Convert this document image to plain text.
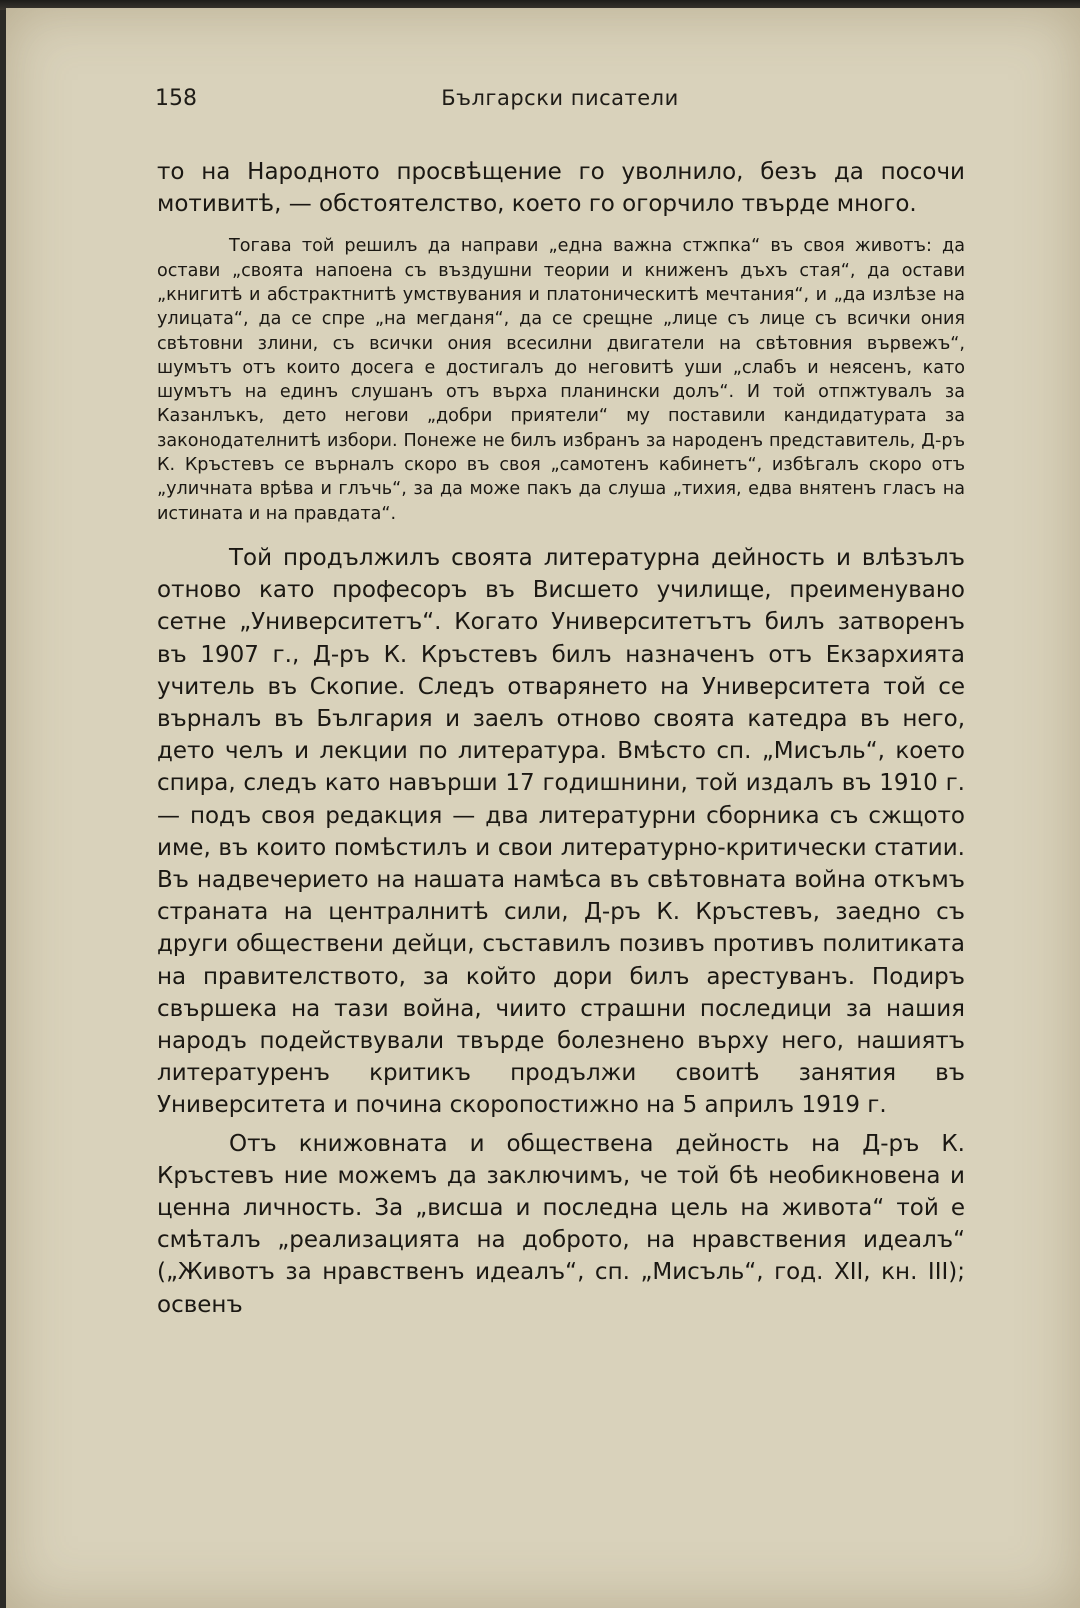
158	Български писатели

то на Народното просвѣщение го уволнило, безъ да посочи мотивитѣ, — обстоятелство, което го огорчило твърде много.

Тогава той решилъ да направи „една важна стжпка“ въ своя животъ: да остави „своята напоена съ въздушни теории и книженъ дъхъ стая“, да остави „книгитѣ и абстрактнитѣ умствувания и платоническитѣ мечтания“, и „да излѣзе на улицата“, да се спре „на мегданя“, да се срещне „лице съ лице съ всички ония свѣтовни злини, съ всички ония всесилни двигатели на свѣтовния вървежъ“, шумътъ отъ които досега е достигалъ до неговитѣ уши „слабъ и неясенъ, като шумътъ на единъ слушанъ отъ върха планински долъ“. И той отпжтувалъ за Казанлъкъ, дето негови „добри приятели“ му поставили кандидатурата за законодателнитѣ избори. Понеже не билъ избранъ за народенъ представитель, Д-ръ К. Кръстевъ се върналъ скоро въ своя „самотенъ кабинетъ“, избѣгалъ скоро отъ „уличната врѣва и глъчь“, за да може пакъ да слуша „тихия, едва внятенъ гласъ на истината и на правдата“.

Той продължилъ своята литературна дейность и влѣзълъ отново като професоръ въ Висшето училище, преименувано сетне „Университетъ“. Когато Университетътъ билъ затворенъ въ 1907 г., Д-ръ К. Кръстевъ билъ назначенъ отъ Екзархията учитель въ Скопие. Следъ отварянето на Университета той се върналъ въ България и заелъ отново своята катедра въ него, дето челъ и лекции по литература. Вмѣсто сп. „Мисъль“, което спира, следъ като навърши 17 годишнини, той издалъ въ 1910 г. — подъ своя редакция — два литературни сборника съ сжщото име, въ които помѣстилъ и свои литературно-критически статии. Въ надвечерието на нашата намѣса въ свѣтовната война откъмъ страната на централнитѣ сили, Д-ръ К. Кръстевъ, заедно съ други обществени дейци, съставилъ позивъ противъ политиката на правителството, за който дори билъ арестуванъ. Подиръ свършека на тази война, чиито страшни последици за нашия народъ подействували твърде болезнено върху него, нашиятъ литературенъ критикъ продължи своитѣ занятия въ Университета и почина скоропостижно на 5 априлъ 1919 г.

Отъ книжовната и обществена дейность на Д-ръ К. Кръстевъ ние можемъ да заключимъ, че той бѣ необикновена и ценна личность. За „висша и последна цель на живота“ той е смѣталъ „реализацията на доброто, на нравствения идеалъ“ („Животъ за нравственъ идеалъ“, сп. „Мисъль“, год. XII, кн. III); освенъ
